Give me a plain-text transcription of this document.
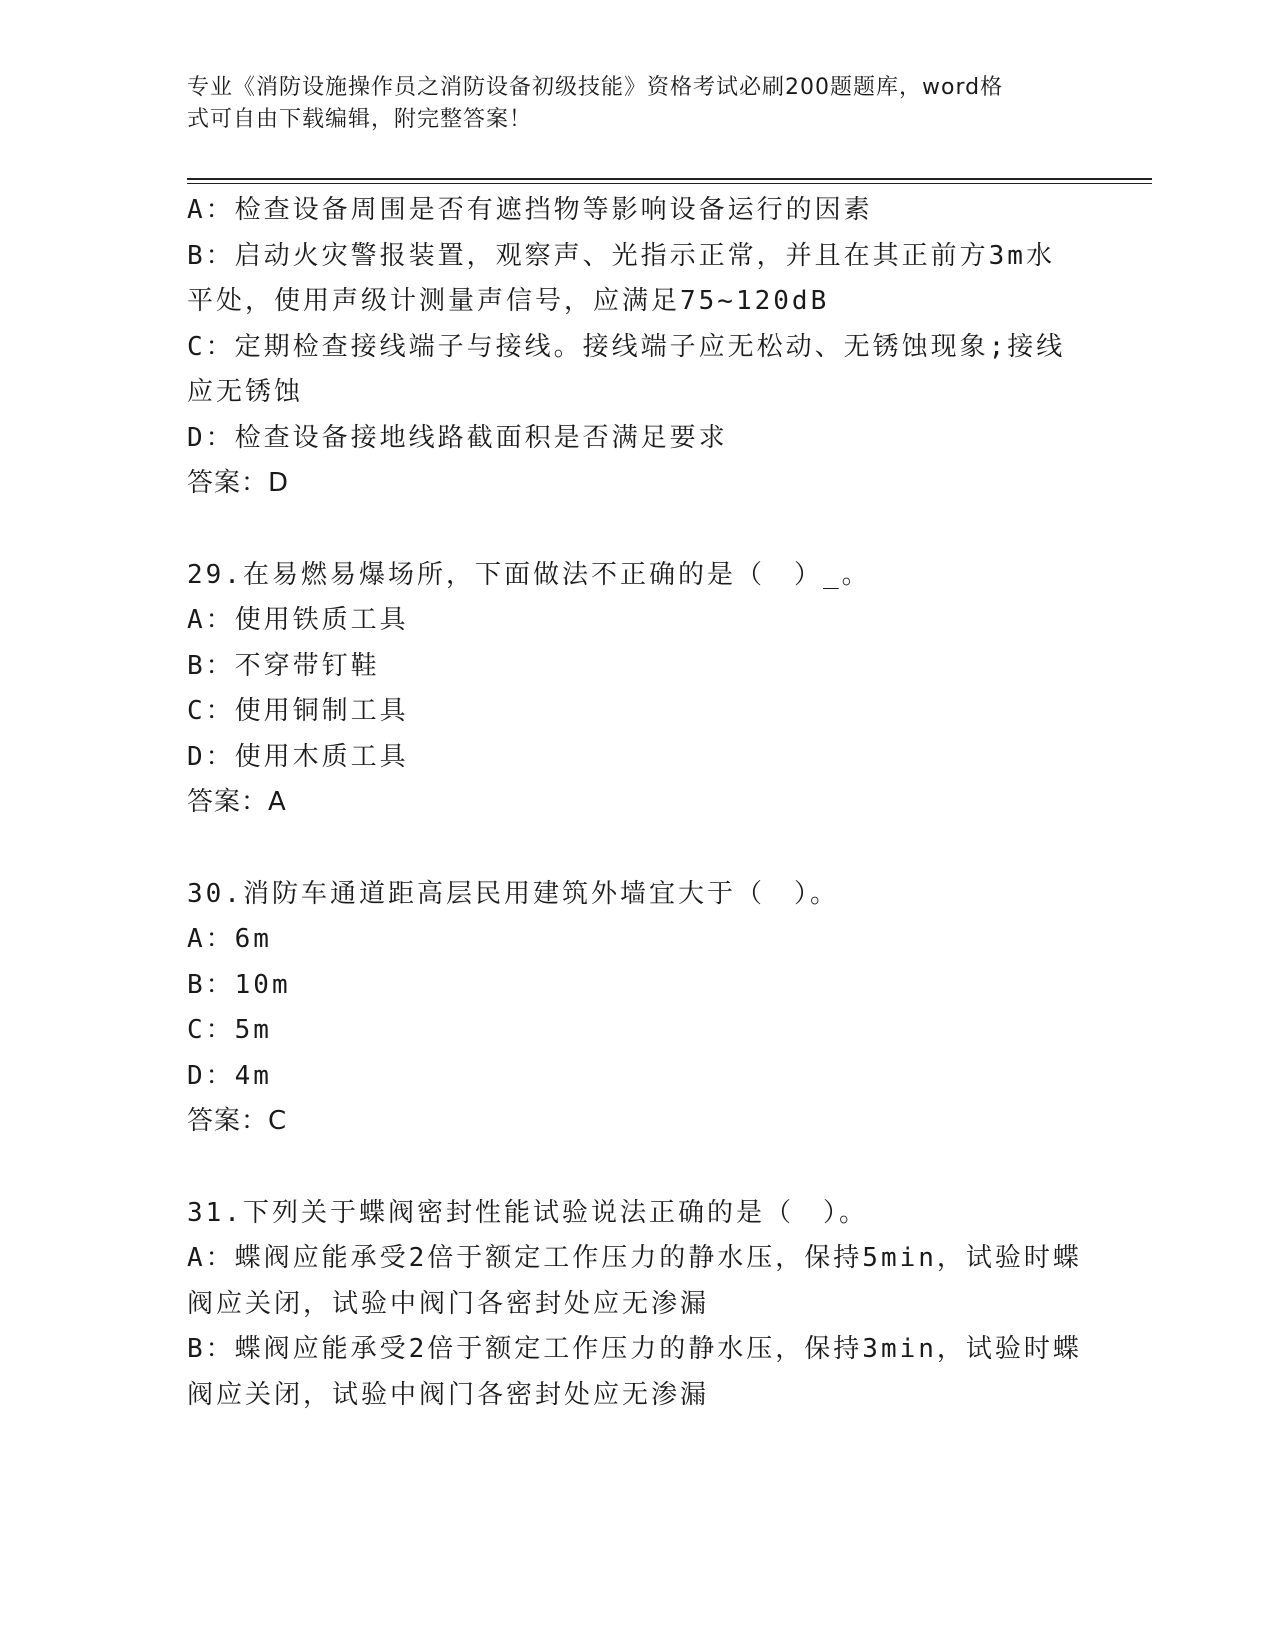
专业《消防设施操作员之消防设备初级技能》资格考试必刷200题题库，word格
式可自由下载编辑，附完整答案！
A：检查设备周围是否有遮挡物等影响设备运行的因素
B：启动火灾警报装置，观察声、光指示正常，并且在其正前方3m水
平处，使用声级计测量声信号，应满足75~120dB
C：定期检查接线端子与接线。接线端子应无松动、无锈蚀现象;接线
应无锈蚀
D：检查设备接地线路截面积是否满足要求
答案：D
29.在易燃易爆场所，下面做法不正确的是（　）_。
A：使用铁质工具
B：不穿带钉鞋
C：使用铜制工具
D：使用木质工具
答案：A
30.消防车通道距高层民用建筑外墙宜大于（　）。
A：6m
B：10m
C：5m
D：4m
答案：C
31.下列关于蝶阀密封性能试验说法正确的是（　）。
A：蝶阀应能承受2倍于额定工作压力的静水压，保持5min，试验时蝶
阀应关闭，试验中阀门各密封处应无渗漏
B：蝶阀应能承受2倍于额定工作压力的静水压，保持3min，试验时蝶
阀应关闭，试验中阀门各密封处应无渗漏
